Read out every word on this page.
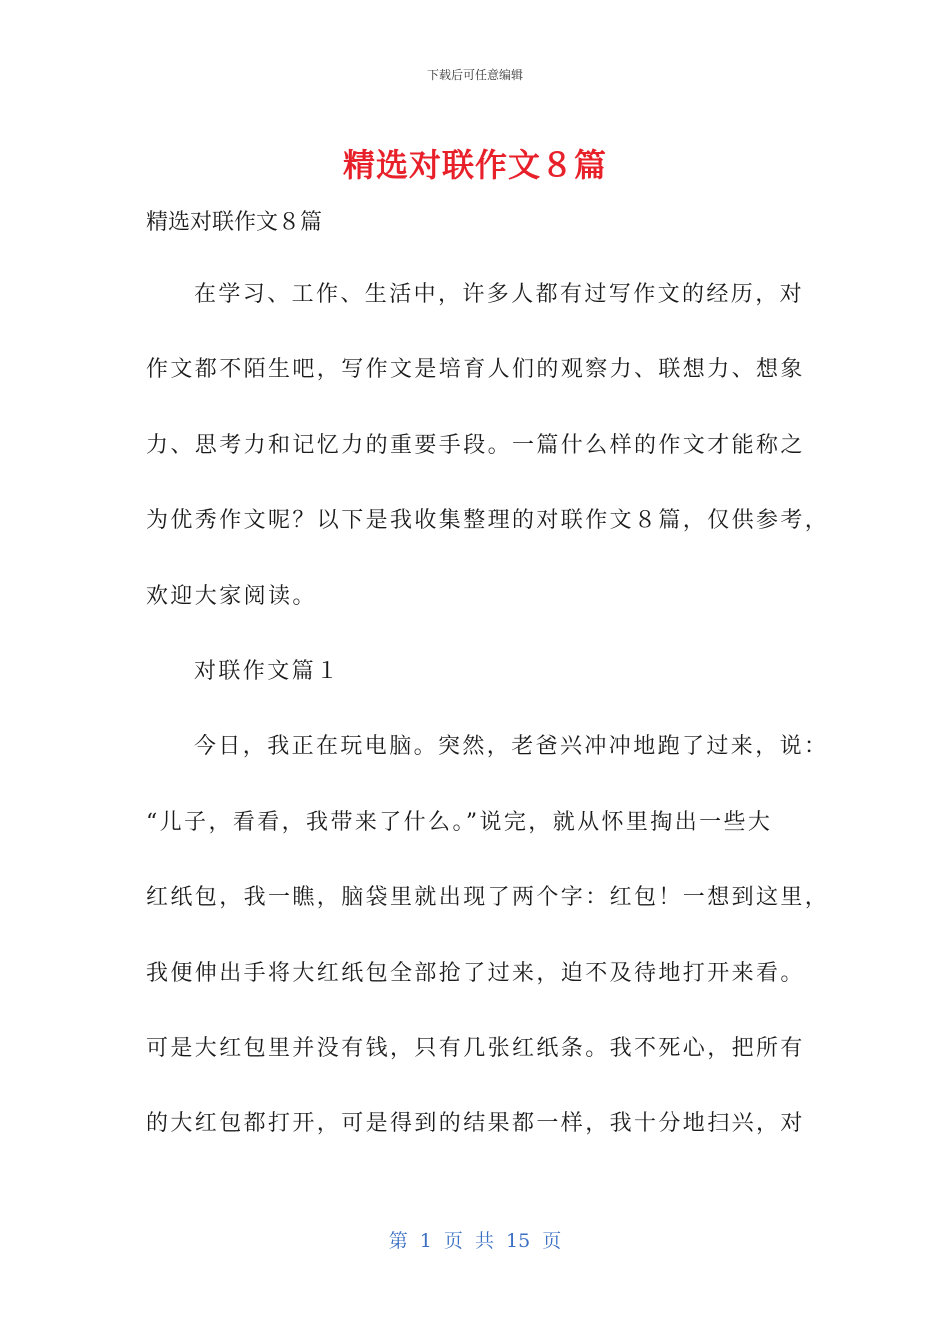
下载后可任意编辑
精选对联作文８篇
精选对联作文８篇
在学习、工作、生活中，许多人都有过写作文的经历，对
作文都不陌生吧，写作文是培育人们的观察力、联想力、想象
力、思考力和记忆力的重要手段。一篇什么样的作文才能称之
为优秀作文呢？以下是我收集整理的对联作文８篇，仅供参考，
欢迎大家阅读。
对联作文篇１
今日，我正在玩电脑。突然，老爸兴冲冲地跑了过来，说：
“儿子，看看，我带来了什么。”说完，就从怀里掏出一些大
红纸包，我一瞧，脑袋里就出现了两个字：红包！一想到这里，
我便伸出手将大红纸包全部抢了过来，迫不及待地打开来看。
可是大红包里并没有钱，只有几张红纸条。我不死心，把所有
的大红包都打开，可是得到的结果都一样，我十分地扫兴，对
第 1 页 共 15 页
